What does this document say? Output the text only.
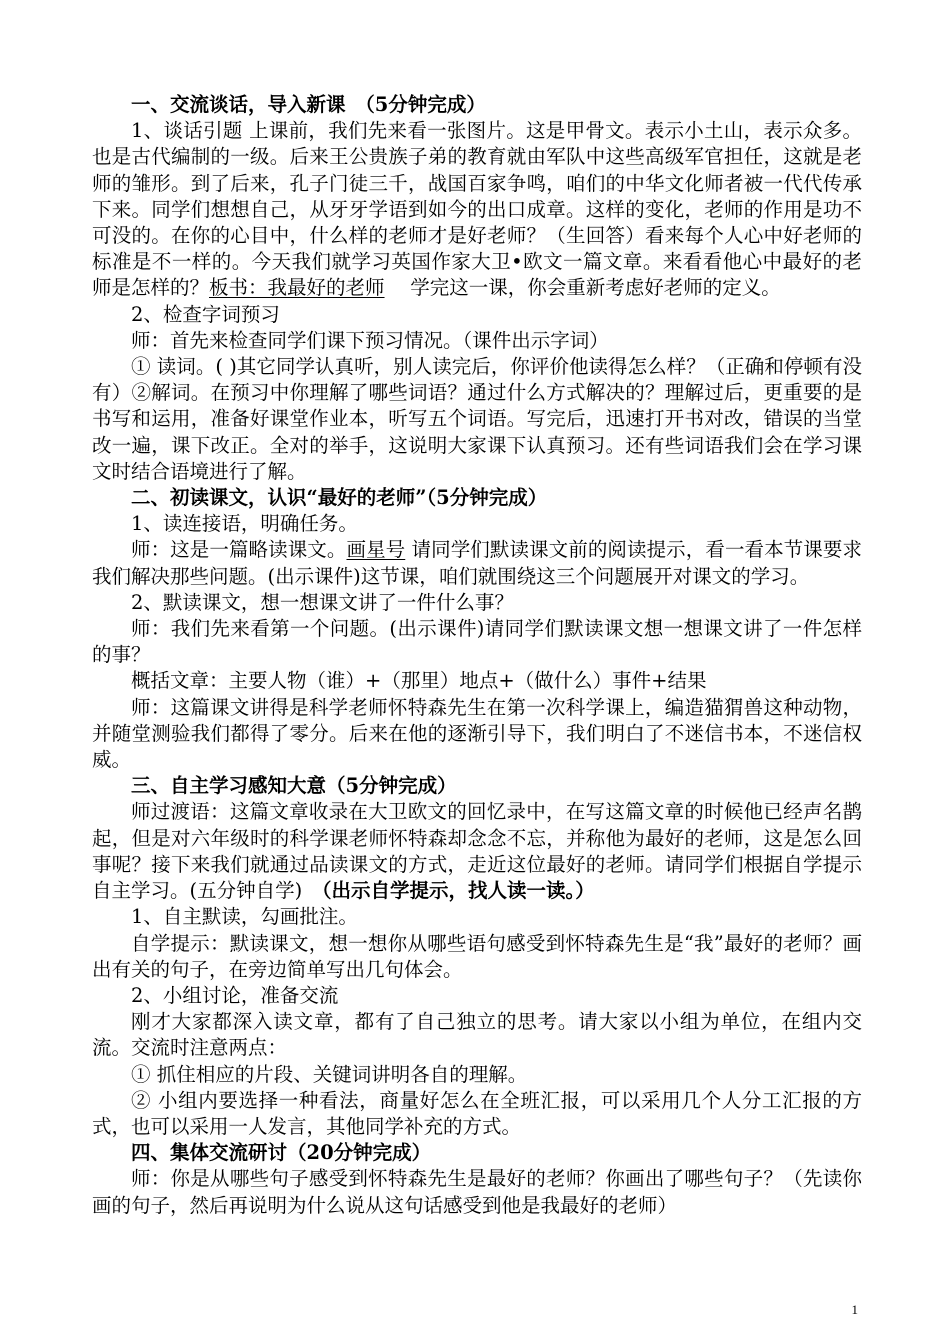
一、交流谈话，导入新课　（5分钟完成）

1、谈话引题 上课前，我们先来看一张图片。这是甲骨文。表示小土山，表示众多。也是古代编制的一级。后来王公贵族子弟的教育就由军队中这些高级军官担任，这就是老师的雏形。到了后来，孔子门徒三千，战国百家争鸣，咱们的中华文化师者被一代代传承下来。同学们想想自己，从牙牙学语到如今的出口成章。这样的变化，老师的作用是功不可没的。在你的心目中，什么样的老师才是好老师？（生回答）看来每个人心中好老师的标准是不一样的。今天我们就学习英国作家大卫•欧文一篇文章。来看看他心中最好的老师是怎样的？板书：我最好的老师　 学完这一课，你会重新考虑好老师的定义。

2、检查字词预习

师：首先来检查同学们课下预习情况。（课件出示字词）

① 读词。( )其它同学认真听，别人读完后，你评价他读得怎么样？（正确和停顿有没有）②解词。在预习中你理解了哪些词语？通过什么方式解决的？理解过后，更重要的是书写和运用，准备好课堂作业本，听写五个词语。写完后，迅速打开书对改，错误的当堂改一遍，课下改正。全对的举手，这说明大家课下认真预习。还有些词语我们会在学习课文时结合语境进行了解。

二、初读课文，认识“最好的老师”（5分钟完成）

1、读连接语，明确任务。

师：这是一篇略读课文。画星号 请同学们默读课文前的阅读提示，看一看本节课要求我们解决那些问题。(出示课件)这节课，咱们就围绕这三个问题展开对课文的学习。

2、默读课文，想一想课文讲了一件什么事？

师：我们先来看第一个问题。(出示课件)请同学们默读课文想一想课文讲了一件怎样的事？

概括文章：主要人物（谁）+（那里）地点+（做什么）事件+结果

师：这篇课文讲得是科学老师怀特森先生在第一次科学课上，编造猫猬兽这种动物，并随堂测验我们都得了零分。后来在他的逐渐引导下，我们明白了不迷信书本，不迷信权威。

三、自主学习感知大意（5分钟完成）

师过渡语：这篇文章收录在大卫欧文的回忆录中，在写这篇文章的时候他已经声名鹊起，但是对六年级时的科学课老师怀特森却念念不忘，并称他为最好的老师，这是怎么回事呢？接下来我们就通过品读课文的方式，走近这位最好的老师。请同学们根据自学提示自主学习。(五分钟自学)　（出示自学提示，找人读一读。）

1、自主默读，勾画批注。

自学提示：默读课文，想一想你从哪些语句感受到怀特森先生是“我”最好的老师？画出有关的句子，在旁边简单写出几句体会。

2、小组讨论，准备交流

刚才大家都深入读文章，都有了自己独立的思考。请大家以小组为单位，在组内交流。交流时注意两点：

① 抓住相应的片段、关键词讲明各自的理解。

② 小组内要选择一种看法，商量好怎么在全班汇报，可以采用几个人分工汇报的方式，也可以采用一人发言，其他同学补充的方式。

四、集体交流研讨（20分钟完成）

师：你是从哪些句子感受到怀特森先生是最好的老师？你画出了哪些句子？（先读你画的句子，然后再说明为什么说从这句话感受到他是我最好的老师）

1
